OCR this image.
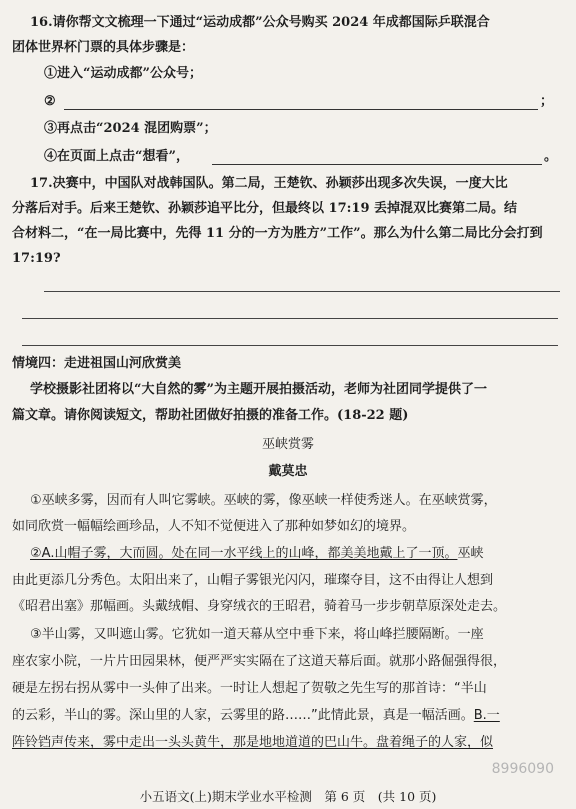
16.请你帮文文梳理一下通过“运动成都”公众号购买 2024 年成都国际乒联混合
团体世界杯门票的具体步骤是：
①进入“运动成都”公众号；
②	；
③再点击“2024 混团购票”；
④在页面上点击“想看”，	。
17.决赛中，中国队对战韩国队。第二局，王楚钦、孙颖莎出现多次失误，一度大比
分落后对手。后来王楚钦、孙颖莎追平比分，但最终以 17:19 丢掉混双比赛第二局。结
合材料二，“在一局比赛中，先得 11 分的一方为胜方”工作”。那么为什么第二局比分会打到
17:19?
情境四：走进祖国山河欣赏美
学校摄影社团将以“大自然的雾”为主题开展拍摄活动，老师为社团同学提供了一
篇文章。请你阅读短文，帮助社团做好拍摄的准备工作。(18-22 题)
巫峡赏雾
戴莫忠
①巫峡多雾，因而有人叫它雾峡。巫峡的雾，像巫峡一样使秀迷人。在巫峡赏雾，
如同欣赏一幅幅绘画珍品，人不知不觉便进入了那种如梦如幻的境界。
②A.山帽子雾，大而圆。处在同一水平线上的山峰，都美美地戴上了一顶。巫峡
由此更添几分秀色。太阳出来了，山帽子雾银光闪闪，璀璨夺目，这不由得让人想到
《昭君出塞》那幅画。头戴绒帽、身穿绒衣的王昭君，骑着马一步步朝草原深处走去。
③半山雾，又叫遮山雾。它犹如一道天幕从空中垂下来，将山峰拦腰隔断。一座
座农家小院，一片片田园果林，便严严实实隔在了这道天幕后面。就那小路倔强得很，
硬是左拐右拐从雾中一头伸了出来。一时让人想起了贺敬之先生写的那首诗：“半山
的云彩，半山的雾。深山里的人家，云雾里的路……”此情此景，真是一幅活画。B.一
阵铃铛声传来，雾中走出一头头黄牛，那是地地道道的巴山牛。盘着绳子的人家，似
8996090
小五语文(上)期末学业水平检测　第 6 页　(共 10 页)
